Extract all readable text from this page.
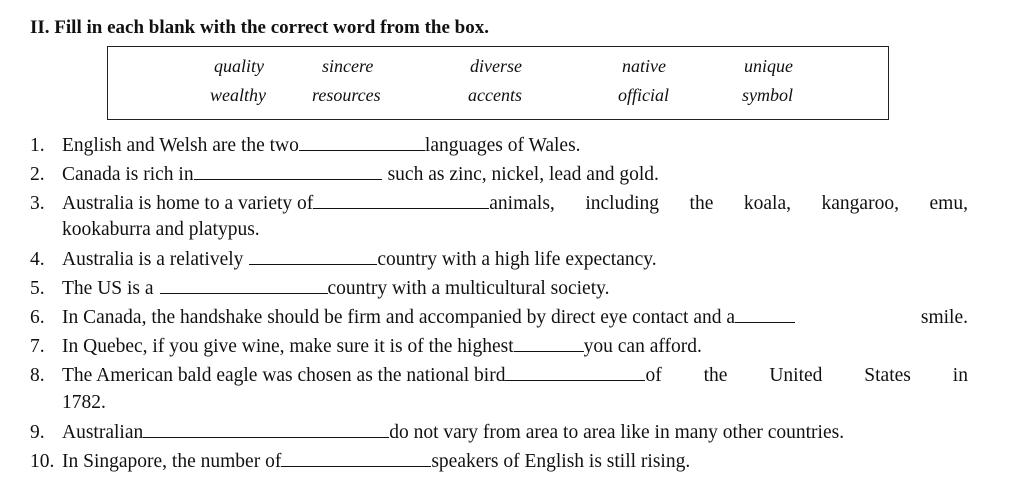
II. Fill in each blank with the correct word from the box.
quality	sincere	diverse	native	unique
wealthy	resources	accents	official	symbol
1. English and Welsh are the two	languages of Wales.
2. Canada is rich in	such as zinc, nickel, lead and gold.
3. Australia is home to a variety of	animals, including the koala, kangaroo, emu,
kookaburra and platypus.
4. Australia is a relatively	country with a high life expectancy.
5. The US is a	country with a multicultural society.
6. In Canada, the handshake should be firm and accompanied by direct eye contact and a	smile.
7. In Quebec, if you give wine, make sure it is of the highest	you can afford.
8. The American bald eagle was chosen as the national bird	of the United States in
1782.
9. Australian	do not vary from area to area like in many other countries.
10. In Singapore, the number of	speakers of English is still rising.
